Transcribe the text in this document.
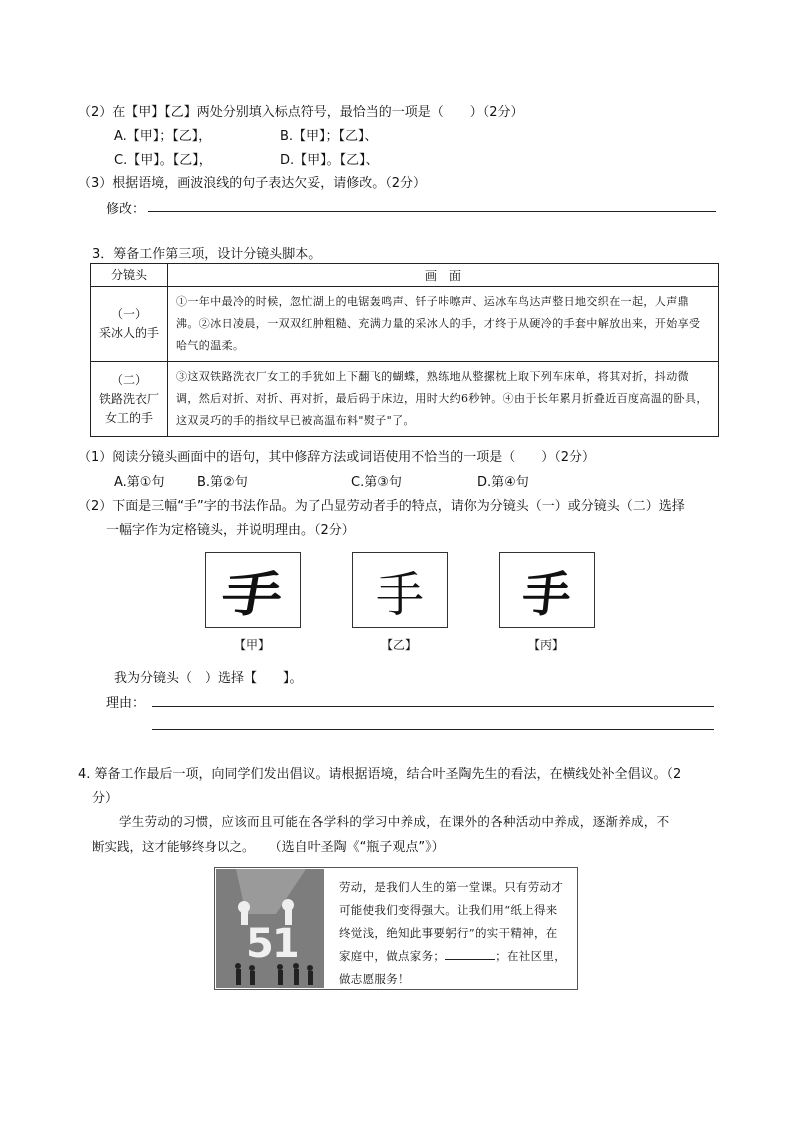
（2）在【甲】【乙】两处分别填入标点符号，最恰当的一项是（　　）（2分）
A.【甲】；【乙】，	B.【甲】；【乙】、
C.【甲】。【乙】，	D.【甲】。【乙】、
（3）根据语境，画波浪线的句子表达欠妥，请修改。（2分）
修改：
3．筹备工作第三项，设计分镜头脚本。
分镜头	画　面

（一）
采冰人的手	①一年中最冷的时候，忽忙湖上的电锯轰鸣声、钎子咔嚓声、运冰车鸟达声整日地交织在一起，人声鼎沸。②冰日凌晨，一双双红肿粗糙、充满力量的采冰人的手，才终于从硬冷的手套中解放出来，开始享受哈气的温柔。

（二）
铁路洗衣厂女工的手	③这双铁路洗衣厂女工的手犹如上下翻飞的蝴蝶，熟练地从整摞枕上取下列车床单，将其对折，抖动微调，然后对折、对折、再对折，最后码于床边，用时大约6秒钟。④由于长年累月折叠近百度高温的卧具，这双灵巧的手的指纹早已被高温布料"熨子"了。
（1）阅读分镜头画面中的语句，其中修辞方法或词语使用不恰当的一项是（　　）（2分）
A.第①句	B.第②句	C.第③句	D.第④句
（2）下面是三幅“手”字的书法作品。为了凸显劳动者手的特点，请你为分镜头（一）或分镜头（二）选择
一幅字作为定格镜头，并说明理由。（2分）
手 手 手
【甲】	【乙】	【丙】
我为分镜头（　）选择【　　】。
理由：
4. 筹备工作最后一项，向同学们发出倡议。请根据语境，结合叶圣陶先生的看法，在横线处补全倡议。（2
分）
学生劳动的习惯，应该而且可能在各学科的学习中养成，在课外的各种活动中养成，逐渐养成，不
断实践，这才能够终身以之。 （选自叶圣陶《“瓶子观点”》）
51
劳动，是我们人生的第一堂课。只有劳动才可能使我们变得强大。让我们用“纸上得来终觉浅，绝知此事要躬行”的实干精神，在家庭中，做点家务；	；在社区里，做志愿服务！
